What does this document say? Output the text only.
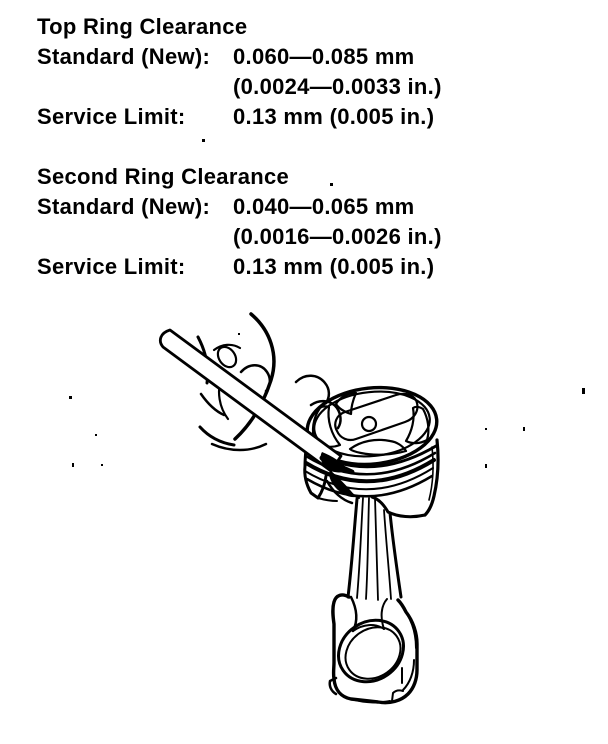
Top Ring Clearance
Standard (New):	0.060—0.085 mm
(0.0024—0.0033 in.)
Service Limit:	0.13 mm (0.005 in.)
Second Ring Clearance
Standard (New):	0.040—0.065 mm
(0.0016—0.0026 in.)
Service Limit:	0.13 mm (0.005 in.)
